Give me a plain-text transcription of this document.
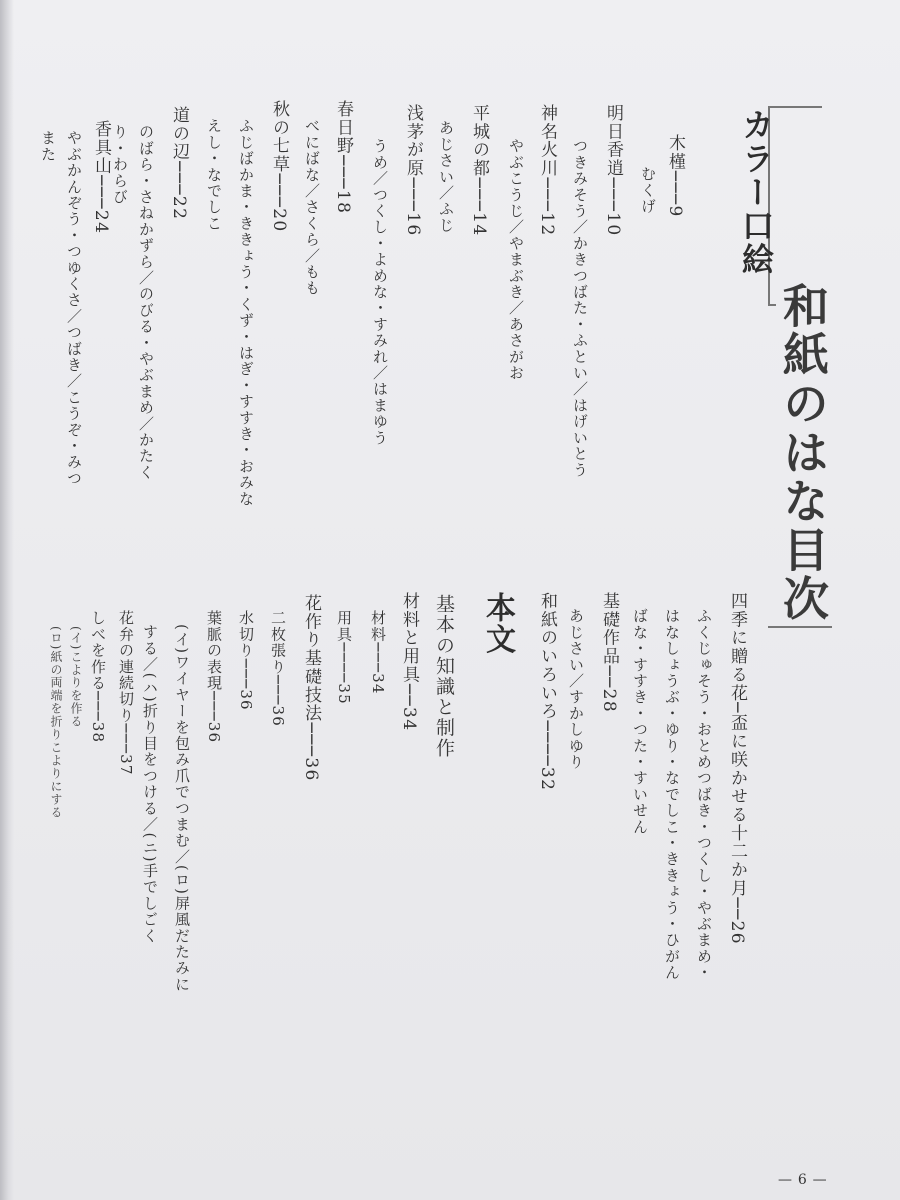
カラー口絵
和紙のはな目次
本文
基本の知識と制作
木槿───9
むくげ
明日香逍───10
つきみそう／かきつばた・ふとい／はげいとう
神名火川───12
やぶこうじ／やまぶき／あさがお
平城の都───14
あじさい／ふじ
浅茅が原───16
うめ／つくし・よめな・すみれ／はまゆう
春日野───18
べにばな／さくら／もも
秋の七草───20
ふじばかま・ききょう・くず・はぎ・すすき・おみな
えし・なでしこ
道の辺───22
のばら・さねかずら／のびる・やぶまめ／かたく
り・わらび
香具山───24
やぶかんぞう・つゆくさ／つばき／こうぞ・みつ
また
四季に贈る花─盃に咲かせる十二か月──26
ふくじゅそう・おとめつばき・つくし・やぶまめ・
はなしょうぶ・ゆり・なでしこ・ききょう・ひがん
ばな・すすき・つた・すいせん
基礎作品──28
あじさい／すかしゆり
和紙のいろいろ────32
材料と用具──34
材料───34
用具────35
花作り基礎技法───36
二枚張り───36
水切り───36
葉脈の表現───36
(イ)ワイヤーを包み爪でつまむ／(ロ)屏風だたみに
する／(ハ)折り目をつける／(ニ)手でしごく
花弁の連続切り───37
しべを作る───38
(イ)こよりを作る
(ロ)紙の両端を折りこよりにする
— 6 —
